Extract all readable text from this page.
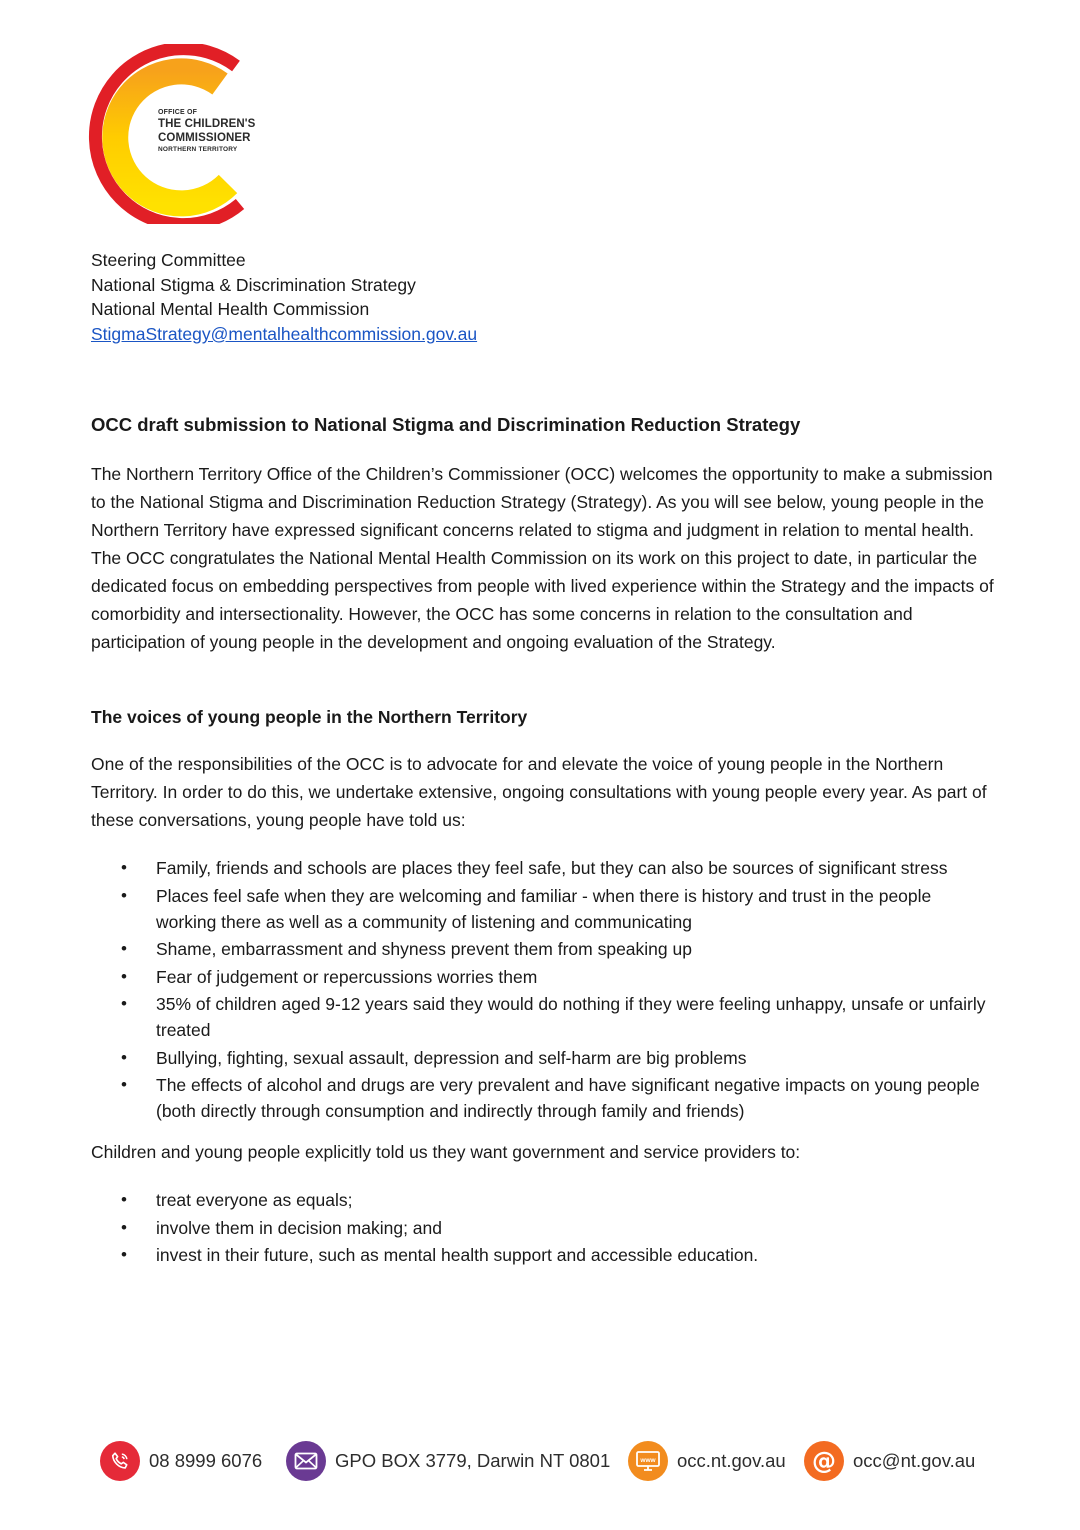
OFFICE OF
THE CHILDREN'S
COMMISSIONER
NORTHERN TERRITORY
Steering Committee
National Stigma & Discrimination Strategy
National Mental Health Commission
StigmaStrategy@mentalhealthcommission.gov.au
OCC draft submission to National Stigma and Discrimination Reduction Strategy

The Northern Territory Office of the Children’s Commissioner (OCC) welcomes the opportunity to make a submission to the National Stigma and Discrimination Reduction Strategy (Strategy). As you will see below, young people in the Northern Territory have expressed significant concerns related to stigma and judgment in relation to mental health. The OCC congratulates the National Mental Health Commission on its work on this project to date, in particular the dedicated focus on embedding perspectives from people with lived experience within the Strategy and the impacts of comorbidity and intersectionality. However, the OCC has some concerns in relation to the consultation and participation of young people in the development and ongoing evaluation of the Strategy.

The voices of young people in the Northern Territory

One of the responsibilities of the OCC is to advocate for and elevate the voice of young people in the Northern Territory. In order to do this, we undertake extensive, ongoing consultations with young people every year. As part of these conversations, young people have told us:

• Family, friends and schools are places they feel safe, but they can also be sources of significant stress
• Places feel safe when they are welcoming and familiar - when there is history and trust in the people working there as well as a community of listening and communicating
• Shame, embarrassment and shyness prevent them from speaking up
• Fear of judgement or repercussions worries them
• 35% of children aged 9-12 years said they would do nothing if they were feeling unhappy, unsafe or unfairly treated
• Bullying, fighting, sexual assault, depression and self-harm are big problems
• The effects of alcohol and drugs are very prevalent and have significant negative impacts on young people (both directly through consumption and indirectly through family and friends)

Children and young people explicitly told us they want government and service providers to:

• treat everyone as equals;
• involve them in decision making; and
• invest in their future, such as mental health support and accessible education.
08 8999 6076	GPO BOX 3779, Darwin NT 0801	www occ.nt.gov.au @ occ@nt.gov.au
